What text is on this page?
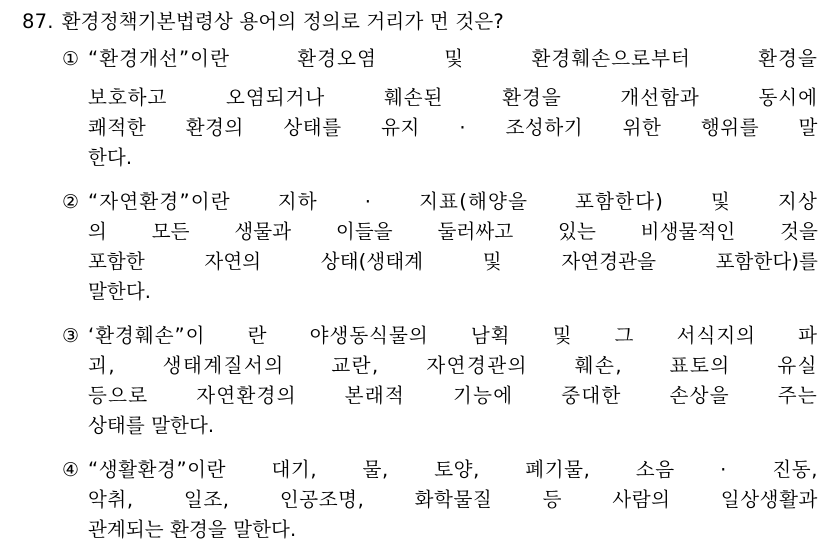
87. 환경정책기본법령상 용어의 정의로 거리가 먼 것은?
① “환경개선”이란 환경오염 및 환경훼손으로부터 환경을
보호하고 오염되거나 훼손된 환경을 개선함과 동시에
쾌적한 환경의 상태를 유지 · 조성하기 위한 행위를 말
한다.
② “자연환경”이란 지하 · 지표(해양을 포함한다) 및 지상
의 모든 생물과 이들을 둘러싸고 있는 비생물적인 것을
포함한 자연의 상태(생태계 및 자연경관을 포함한다)를
말한다.
③ ‘환경훼손”이 란 야생동식물의 남획 및 그 서식지의 파
괴, 생태계질서의 교란, 자연경관의 훼손, 표토의 유실
등으로 자연환경의 본래적 기능에 중대한 손상을 주는
상태를 말한다.
④ “생활환경”이란 대기, 물, 토양, 폐기물, 소음 · 진동,
악취, 일조, 인공조명, 화학물질 등 사람의 일상생활과
관계되는 환경을 말한다.
